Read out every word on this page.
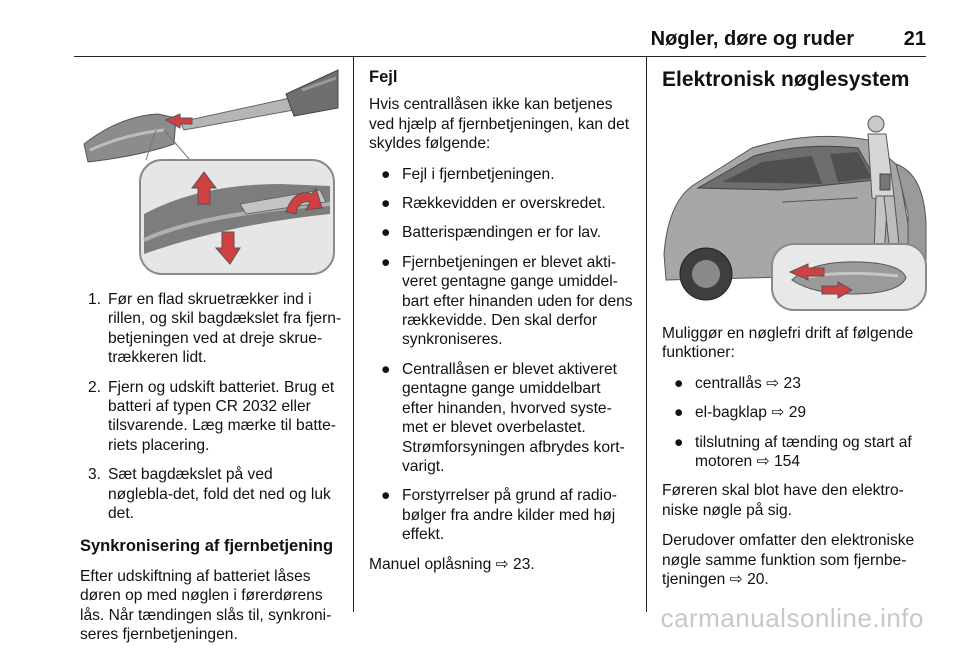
Nøgler, døre og ruder 21
1. Før en flad skruetrækker ind i rillen, og skil bagdækslet fra fjern-betjeningen ved at dreje skrue-trækkeren lidt.
2. Fjern og udskift batteriet. Brug et batteri af typen CR 2032 eller tilsvarende. Læg mærke til batte-riets placering.
3. Sæt bagdækslet på ved nøglebla-det, fold det ned og luk det.
Synkronisering af fjernbetjening

Efter udskiftning af batteriet låses døren op med nøglen i førerdørens lås. Når tændingen slås til, synkroni-seres fjernbetjeningen.

Fejl

Hvis centrallåsen ikke kan betjenes ved hjælp af fjernbetjeningen, kan det skyldes følgende:

● Fejl i fjernbetjeningen.
● Rækkevidden er overskredet.
● Batterispændingen er for lav.
● Fjernbetjeningen er blevet akti-veret gentagne gange umiddel-bart efter hinanden uden for dens rækkevidde. Den skal derfor synkroniseres.
● Centrallåsen er blevet aktiveret gentagne gange umiddelbart efter hinanden, hvorved syste-met er blevet overbelastet. Strømforsyningen afbrydes kort-varigt.
● Forstyrrelser på grund af radio-bølger fra andre kilder med høj effekt.

Manuel oplåsning ⇨ 23.

Elektronisk nøglesystem

Muliggør en nøglefri drift af følgende funktioner:

● centrallås ⇨ 23
● el-bagklap ⇨ 29
● tilslutning af tænding og start af motoren ⇨ 154

Føreren skal blot have den elektro-niske nøgle på sig.

Derudover omfatter den elektroniske nøgle samme funktion som fjernbe-tjeningen ⇨ 20.

carmanualsonline.info
